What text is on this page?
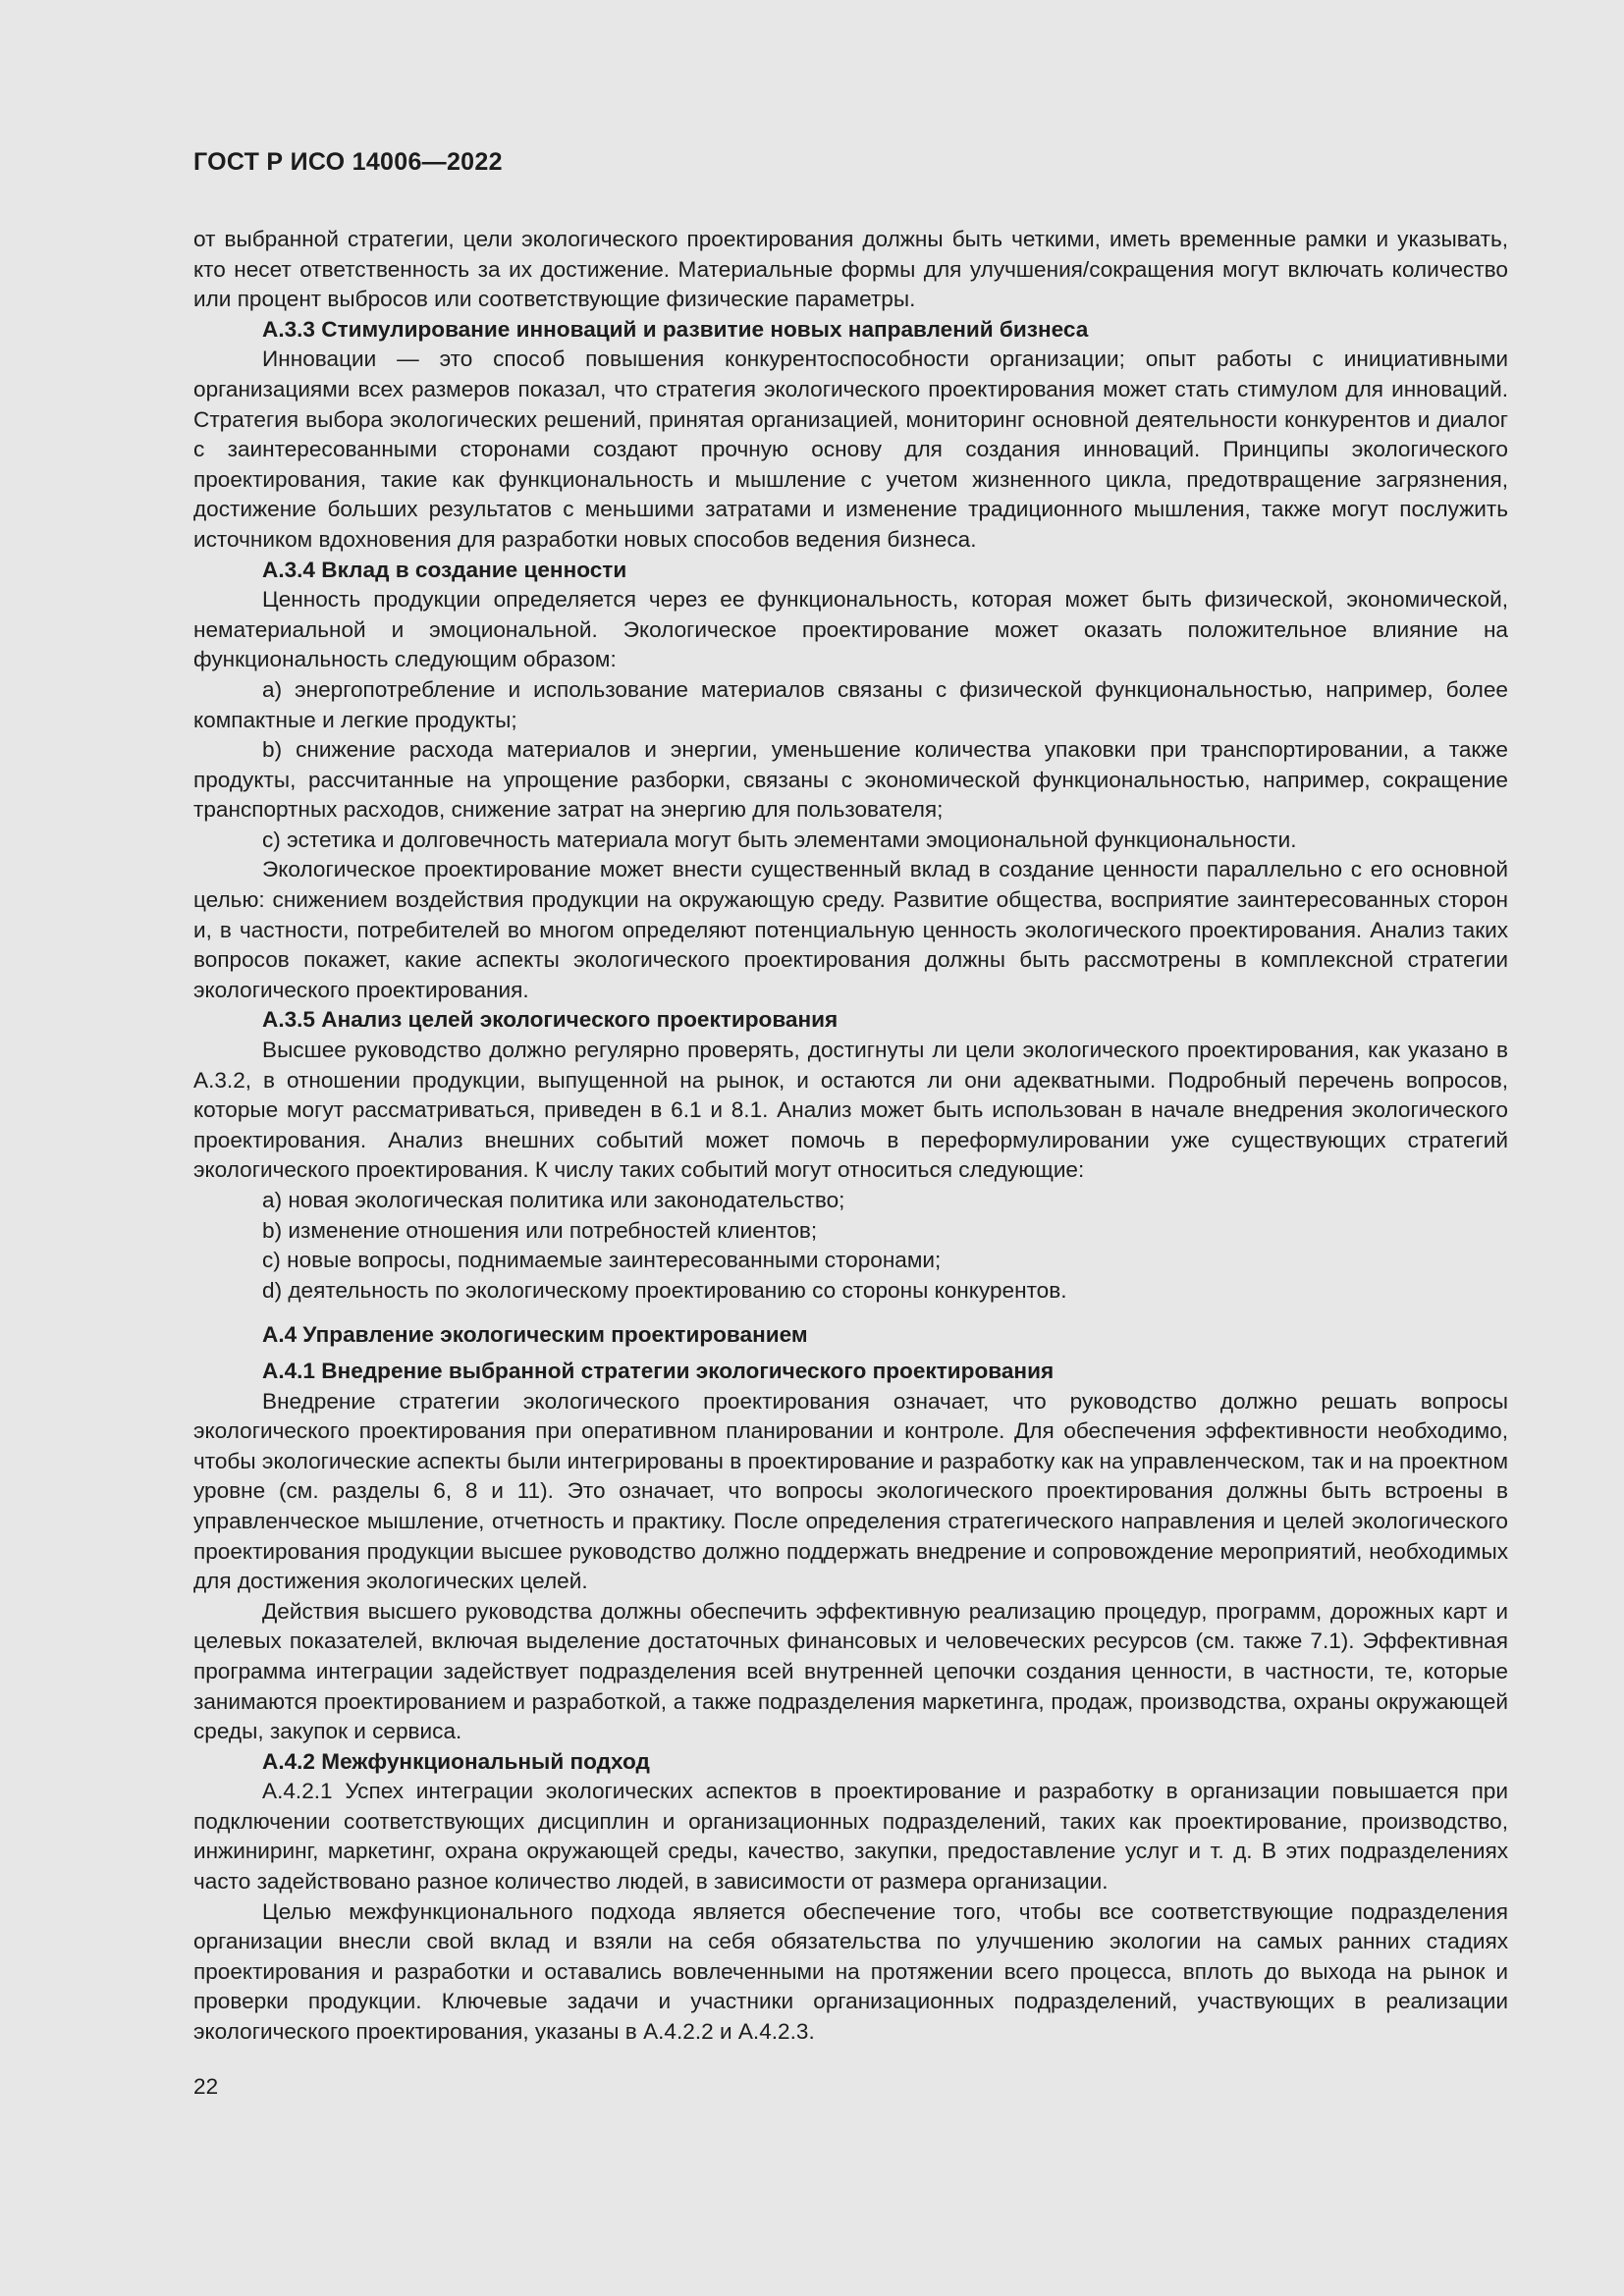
ГОСТ Р ИСО 14006—2022

от выбранной стратегии, цели экологического проектирования должны быть четкими, иметь временные рамки и указывать, кто несет ответственность за их достижение. Материальные формы для улучшения/сокращения могут включать количество или процент выбросов или соответствующие физические параметры.

А.3.3 Стимулирование инноваций и развитие новых направлений бизнеса

Инновации — это способ повышения конкурентоспособности организации; опыт работы с инициативными организациями всех размеров показал, что стратегия экологического проектирования может стать стимулом для инноваций. Стратегия выбора экологических решений, принятая организацией, мониторинг основной деятельности конкурентов и диалог с заинтересованными сторонами создают прочную основу для создания инноваций. Принципы экологического проектирования, такие как функциональность и мышление с учетом жизненного цикла, предотвращение загрязнения, достижение больших результатов с меньшими затратами и изменение традиционного мышления, также могут послужить источником вдохновения для разработки новых способов ведения бизнеса.

А.3.4 Вклад в создание ценности

Ценность продукции определяется через ее функциональность, которая может быть физической, экономической, нематериальной и эмоциональной. Экологическое проектирование может оказать положительное влияние на функциональность следующим образом:

a) энергопотребление и использование материалов связаны с физической функциональностью, например, более компактные и легкие продукты;

b) снижение расхода материалов и энергии, уменьшение количества упаковки при транспортировании, а также продукты, рассчитанные на упрощение разборки, связаны с экономической функциональностью, например, сокращение транспортных расходов, снижение затрат на энергию для пользователя;

c) эстетика и долговечность материала могут быть элементами эмоциональной функциональности.

Экологическое проектирование может внести существенный вклад в создание ценности параллельно с его основной целью: снижением воздействия продукции на окружающую среду. Развитие общества, восприятие заинтересованных сторон и, в частности, потребителей во многом определяют потенциальную ценность экологического проектирования. Анализ таких вопросов покажет, какие аспекты экологического проектирования должны быть рассмотрены в комплексной стратегии экологического проектирования.

А.3.5 Анализ целей экологического проектирования

Высшее руководство должно регулярно проверять, достигнуты ли цели экологического проектирования, как указано в А.3.2, в отношении продукции, выпущенной на рынок, и остаются ли они адекватными. Подробный перечень вопросов, которые могут рассматриваться, приведен в 6.1 и 8.1. Анализ может быть использован в начале внедрения экологического проектирования. Анализ внешних событий может помочь в переформулировании уже существующих стратегий экологического проектирования. К числу таких событий могут относиться следующие:

a) новая экологическая политика или законодательство;

b) изменение отношения или потребностей клиентов;

c) новые вопросы, поднимаемые заинтересованными сторонами;

d) деятельность по экологическому проектированию со стороны конкурентов.

А.4 Управление экологическим проектированием

А.4.1 Внедрение выбранной стратегии экологического проектирования

Внедрение стратегии экологического проектирования означает, что руководство должно решать вопросы экологического проектирования при оперативном планировании и контроле. Для обеспечения эффективности необходимо, чтобы экологические аспекты были интегрированы в проектирование и разработку как на управленческом, так и на проектном уровне (см. разделы 6, 8 и 11). Это означает, что вопросы экологического проектирования должны быть встроены в управленческое мышление, отчетность и практику. После определения стратегического направления и целей экологического проектирования продукции высшее руководство должно поддержать внедрение и сопровождение мероприятий, необходимых для достижения экологических целей.

Действия высшего руководства должны обеспечить эффективную реализацию процедур, программ, дорожных карт и целевых показателей, включая выделение достаточных финансовых и человеческих ресурсов (см. также 7.1). Эффективная программа интеграции задействует подразделения всей внутренней цепочки создания ценности, в частности, те, которые занимаются проектированием и разработкой, а также подразделения маркетинга, продаж, производства, охраны окружающей среды, закупок и сервиса.

А.4.2 Межфункциональный подход

А.4.2.1 Успех интеграции экологических аспектов в проектирование и разработку в организации повышается при подключении соответствующих дисциплин и организационных подразделений, таких как проектирование, производство, инжиниринг, маркетинг, охрана окружающей среды, качество, закупки, предоставление услуг и т. д. В этих подразделениях часто задействовано разное количество людей, в зависимости от размера организации.

Целью межфункционального подхода является обеспечение того, чтобы все соответствующие подразделения организации внесли свой вклад и взяли на себя обязательства по улучшению экологии на самых ранних стадиях проектирования и разработки и оставались вовлеченными на протяжении всего процесса, вплоть до выхода на рынок и проверки продукции. Ключевые задачи и участники организационных подразделений, участвующих в реализации экологического проектирования, указаны в А.4.2.2 и А.4.2.3.

22
